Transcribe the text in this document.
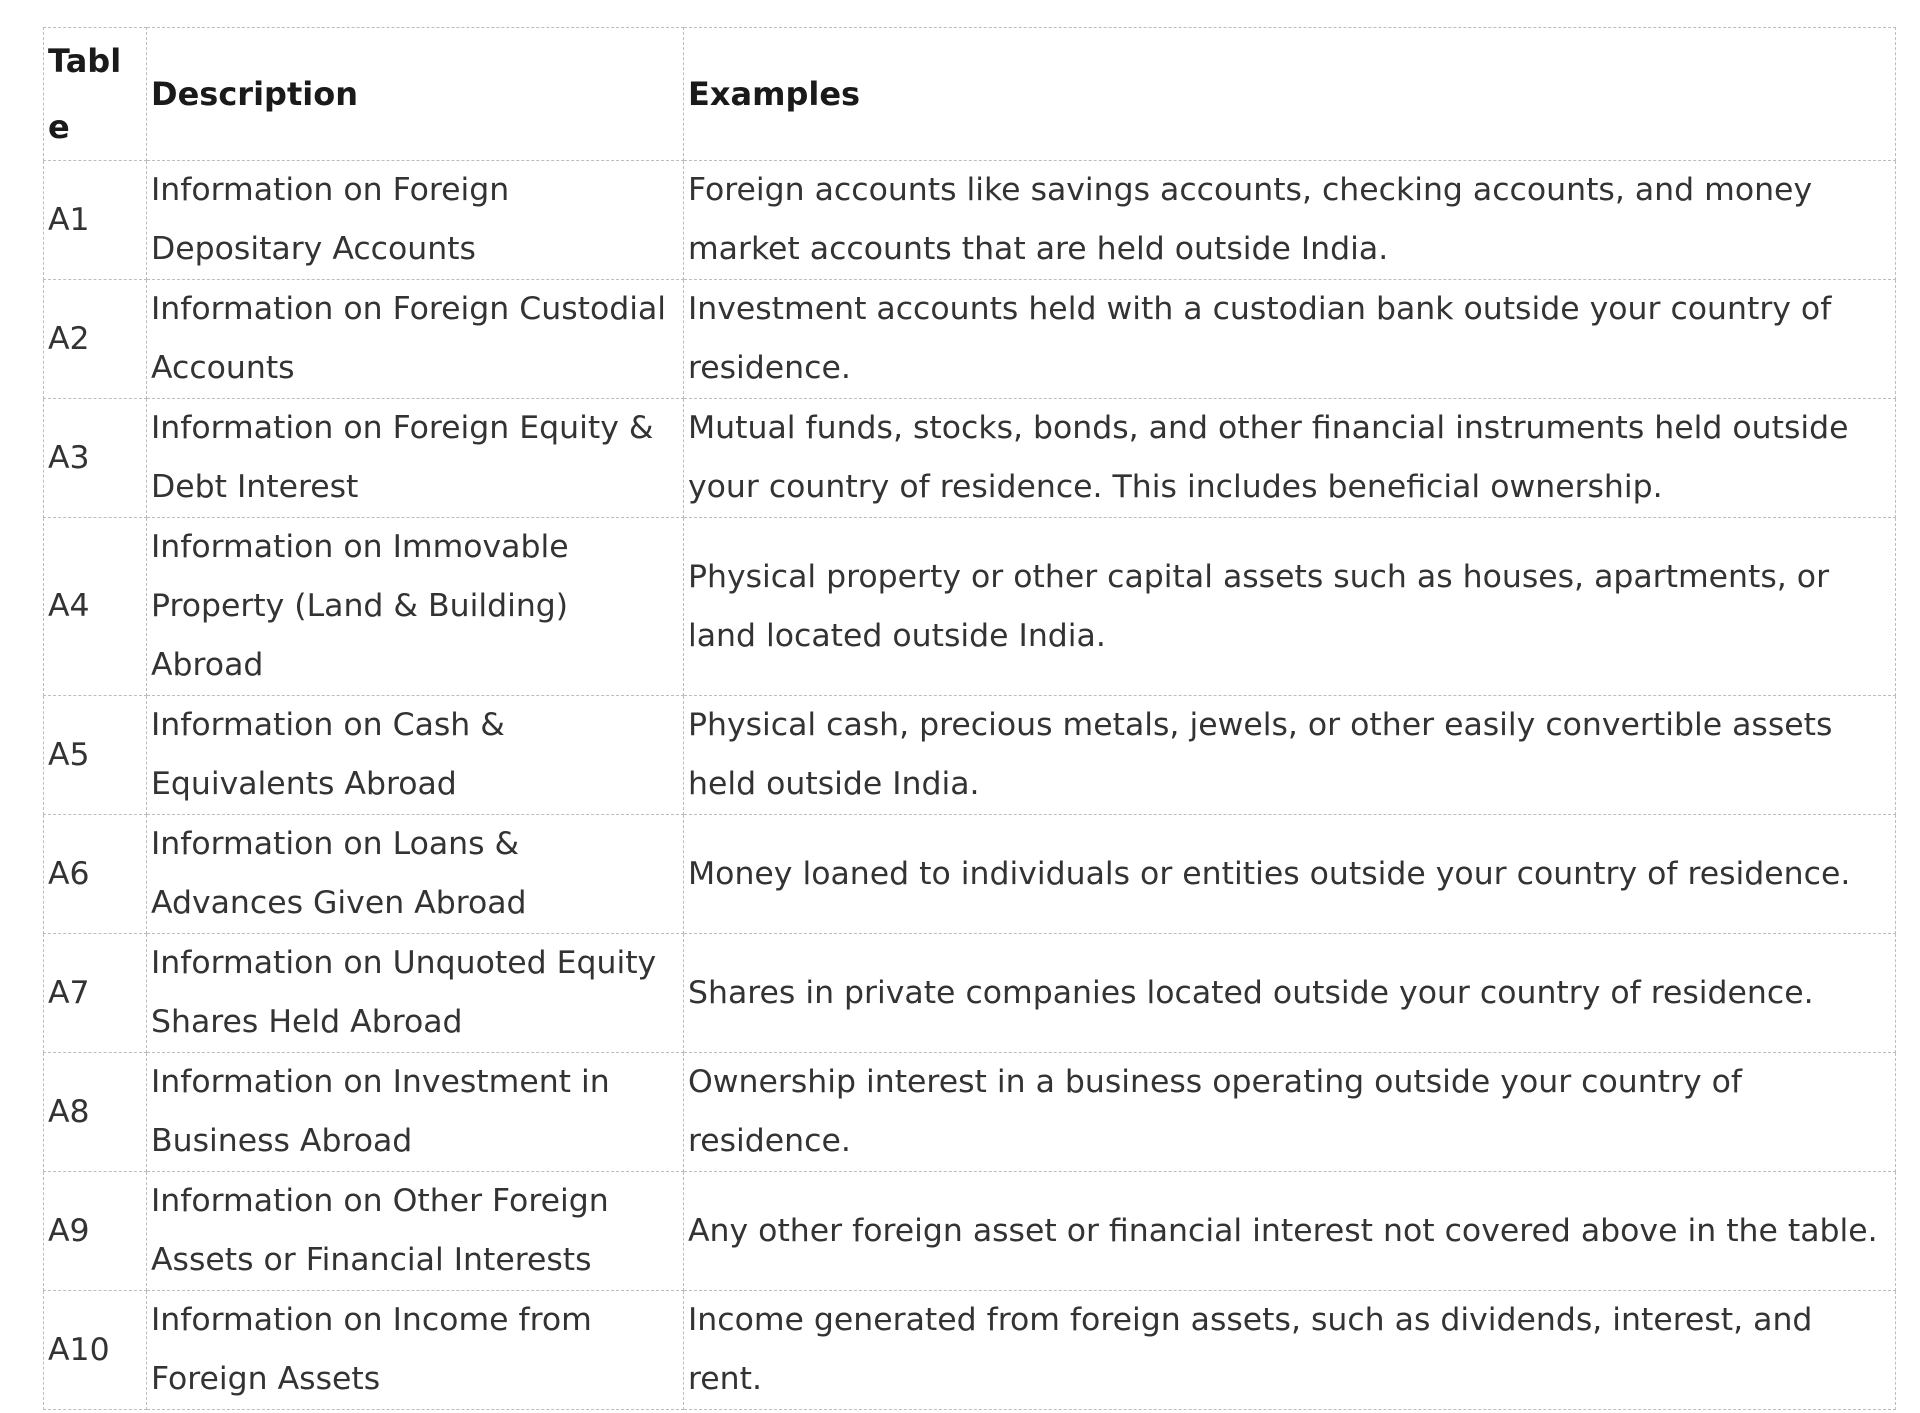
Table	Description	Examples
A1	Information on Foreign Depositary Accounts	Foreign accounts like savings accounts, checking accounts, and money market accounts that are held outside India.
A2	Information on Foreign Custodial Accounts	Investment accounts held with a custodian bank outside your country of residence.
A3	Information on Foreign Equity & Debt Interest	Mutual funds, stocks, bonds, and other financial instruments held outside your country of residence. This includes beneficial ownership.
A4	Information on Immovable Property (Land & Building) Abroad	Physical property or other capital assets such as houses, apartments, or land located outside India.
A5	Information on Cash & Equivalents Abroad	Physical cash, precious metals, jewels, or other easily convertible assets held outside India.
A6	Information on Loans & Advances Given Abroad	Money loaned to individuals or entities outside your country of residence.
A7	Information on Unquoted Equity Shares Held Abroad	Shares in private companies located outside your country of residence.
A8	Information on Investment in Business Abroad	Ownership interest in a business operating outside your country of residence.
A9	Information on Other Foreign Assets or Financial Interests	Any other foreign asset or financial interest not covered above in the table.
A10	Information on Income from Foreign Assets	Income generated from foreign assets, such as dividends, interest, and rent.
